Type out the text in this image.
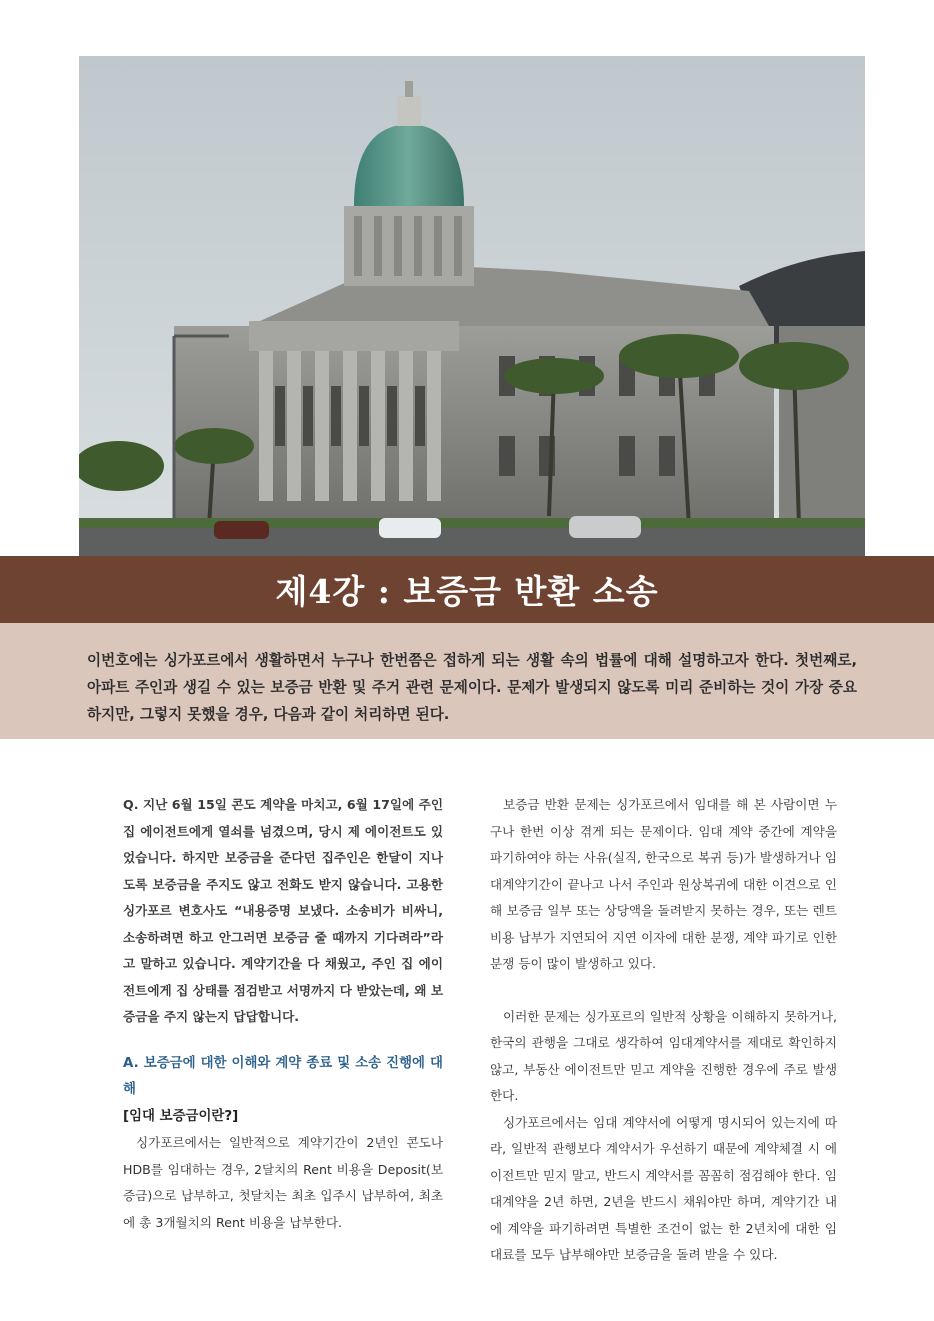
제4강 : 보증금 반환 소송

이번호에는 싱가포르에서 생활하면서 누구나 한번쯤은 접하게 되는 생활 속의 법률에 대해 설명하고자 한다. 첫번째로, 아파트 주인과 생길 수 있는 보증금 반환 및 주거 관련 문제이다. 문제가 발생되지 않도록 미리 준비하는 것이 가장 중요하지만, 그렇지 못했을 경우, 다음과 같이 처리하면 된다.

Q. 지난 6월 15일 콘도 계약을 마치고, 6월 17일에 주인 집 에이전트에게 열쇠를 넘겼으며, 당시 제 에이전트도 있었습니다. 하지만 보증금을 준다던 집주인은 한달이 지나도록 보증금을 주지도 않고 전화도 받지 않습니다. 고용한 싱가포르 변호사도 “내용증명 보냈다. 소송비가 비싸니, 소송하려면 하고 안그러면 보증금 줄 때까지 기다려라”라고 말하고 있습니다. 계약기간을 다 채웠고, 주인 집 에이전트에게 집 상태를 점검받고 서명까지 다 받았는데, 왜 보증금을 주지 않는지 답답합니다.

A. 보증금에 대한 이해와 계약 종료 및 소송 진행에 대해

[임대 보증금이란?]

싱가포르에서는 일반적으로 계약기간이 2년인 콘도나 HDB를 임대하는 경우, 2달치의 Rent 비용을 Deposit(보증금)으로 납부하고, 첫달치는 최초 입주시 납부하여, 최초에 총 3개월치의 Rent 비용을 납부한다.

보증금 반환 문제는 싱가포르에서 임대를 해 본 사람이면 누구나 한번 이상 겪게 되는 문제이다. 임대 계약 중간에 계약을 파기하여야 하는 사유(실직, 한국으로 복귀 등)가 발생하거나 임대계약기간이 끝나고 나서 주인과 원상복귀에 대한 이견으로 인해 보증금 일부 또는 상당액을 돌려받지 못하는 경우, 또는 렌트 비용 납부가 지연되어 지연 이자에 대한 분쟁, 계약 파기로 인한 분쟁 등이 많이 발생하고 있다.

이러한 문제는 싱가포르의 일반적 상황을 이해하지 못하거나, 한국의 관행을 그대로 생각하여 임대계약서를 제대로 확인하지 않고, 부동산 에이전트만 믿고 계약을 진행한 경우에 주로 발생한다.

싱가포르에서는 임대 계약서에 어떻게 명시되어 있는지에 따라, 일반적 관행보다 계약서가 우선하기 때문에 계약체결 시 에이전트만 믿지 말고, 반드시 계약서를 꼼꼼히 점검해야 한다. 임대계약을 2년 하면, 2년을 반드시 채워야만 하며, 계약기간 내에 계약을 파기하려면 특별한 조건이 없는 한 2년치에 대한 임대료를 모두 납부해야만 보증금을 돌려 받을 수 있다.
